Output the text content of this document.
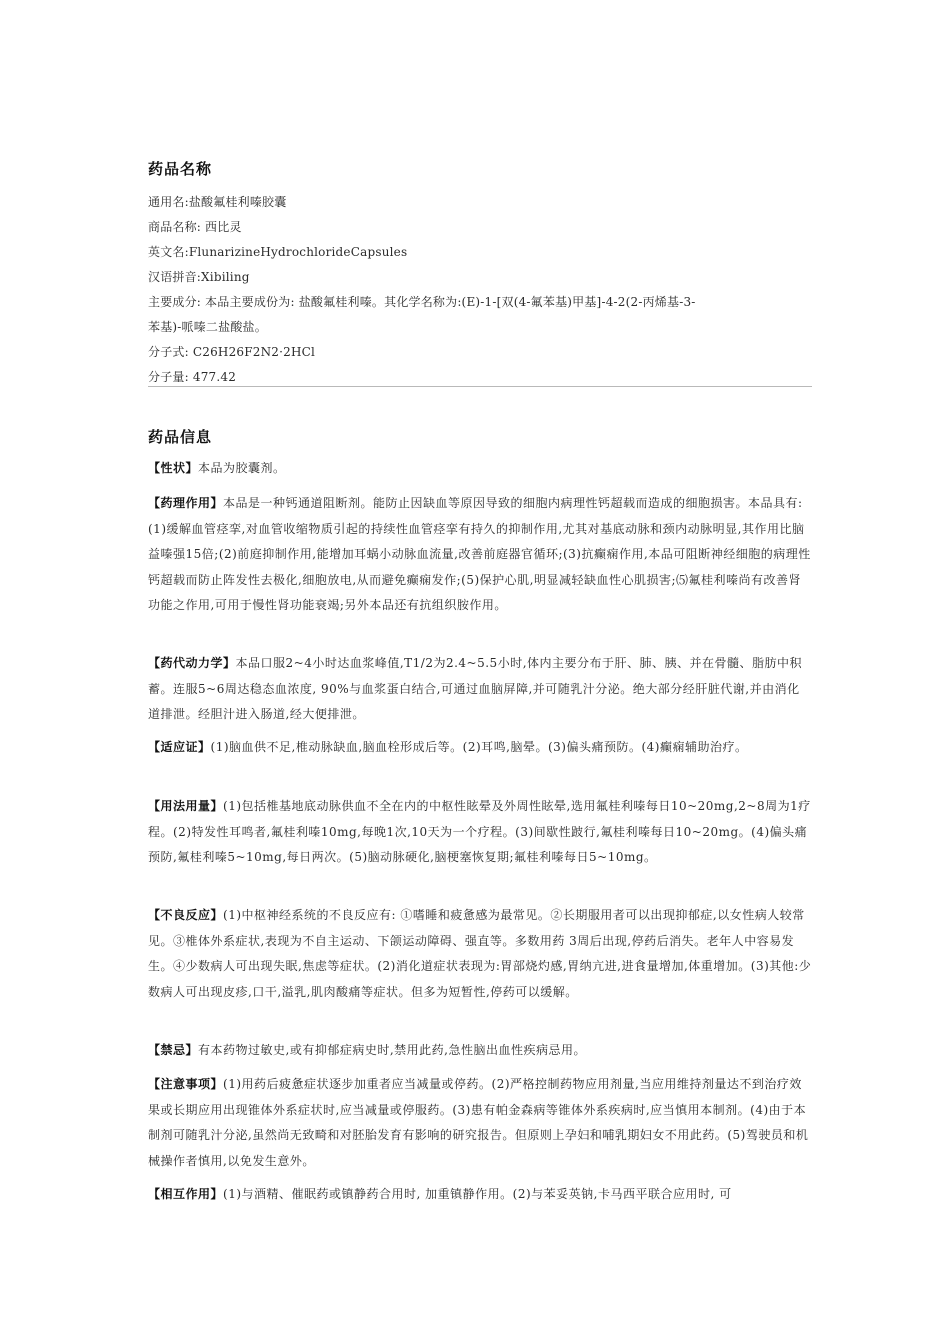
药品名称
通用名:盐酸氟桂利嗪胶囊
商品名称: 西比灵
英文名:FlunarizineHydrochlorideCapsules
汉语拼音:Xibiling
主要成分: 本品主要成份为: 盐酸氟桂利嗪。其化学名称为:(E)-1-[双(4-氟苯基)甲基]-4-2(2-丙烯基-3-
苯基)-哌嗪二盐酸盐。
分子式: C26H26F2N2·2HCl
分子量: 477.42
药品信息
【性状】本品为胶囊剂。
【药理作用】本品是一种钙通道阻断剂。能防止因缺血等原因导致的细胞内病理性钙超载而造成的细胞损害。本品具有:(1)缓解血管痉挛,对血管收缩物质引起的持续性血管痉挛有持久的抑制作用,尤其对基底动脉和颈内动脉明显,其作用比脑益嗪强15倍;(2)前庭抑制作用,能增加耳蜗小动脉血流量,改善前庭器官循环;(3)抗癫痫作用,本品可阻断神经细胞的病理性钙超载而防止阵发性去极化,细胞放电,从而避免癫痫发作;(5)保护心肌,明显减轻缺血性心肌损害;⑸氟桂利嗪尚有改善肾功能之作用,可用于慢性肾功能衰竭;另外本品还有抗组织胺作用。
【药代动力学】本品口服2~4小时达血浆峰值,T1/2为2.4~5.5小时,体内主要分布于肝、肺、胰、并在骨髓、脂肪中积蓄。连服5~6周达稳态血浓度, 90%与血浆蛋白结合,可通过血脑屏障,并可随乳汁分泌。绝大部分经肝脏代谢,并由消化道排泄。经胆汁进入肠道,经大便排泄。
【适应证】(1)脑血供不足,椎动脉缺血,脑血栓形成后等。(2)耳鸣,脑晕。(3)偏头痛预防。(4)癫痫辅助治疗。
【用法用量】(1)包括椎基地底动脉供血不全在内的中枢性眩晕及外周性眩晕,选用氟桂利嗪每日10~20mg,2~8周为1疗程。(2)特发性耳鸣者,氟桂利嗪10mg,每晚1次,10天为一个疗程。(3)间歇性跛行,氟桂利嗪每日10~20mg。(4)偏头痛预防,氟桂利嗪5~10mg,每日两次。(5)脑动脉硬化,脑梗塞恢复期;氟桂利嗪每日5~10mg。
【不良反应】(1)中枢神经系统的不良反应有: ①嗜睡和疲惫感为最常见。②长期服用者可以出现抑郁症,以女性病人较常见。③椎体外系症状,表现为不自主运动、下颌运动障碍、强直等。多数用药 3周后出现,停药后消失。老年人中容易发生。④少数病人可出现失眠,焦虑等症状。(2)消化道症状表现为:胃部烧灼感,胃纳亢进,进食量增加,体重增加。(3)其他:少数病人可出现皮疹,口干,溢乳,肌肉酸痛等症状。但多为短暂性,停药可以缓解。
【禁忌】有本药物过敏史,或有抑郁症病史时,禁用此药,急性脑出血性疾病忌用。
【注意事项】(1)用药后疲惫症状逐步加重者应当减量或停药。(2)严格控制药物应用剂量,当应用维持剂量达不到治疗效果或长期应用出现锥体外系症状时,应当减量或停服药。(3)患有帕金森病等锥体外系疾病时,应当慎用本制剂。(4)由于本制剂可随乳汁分泌,虽然尚无致畸和对胚胎发育有影响的研究报告。但原则上孕妇和哺乳期妇女不用此药。(5)驾驶员和机械操作者慎用,以免发生意外。
【相互作用】(1)与酒精、催眠药或镇静药合用时, 加重镇静作用。(2)与苯妥英钠,卡马西平联合应用时, 可
